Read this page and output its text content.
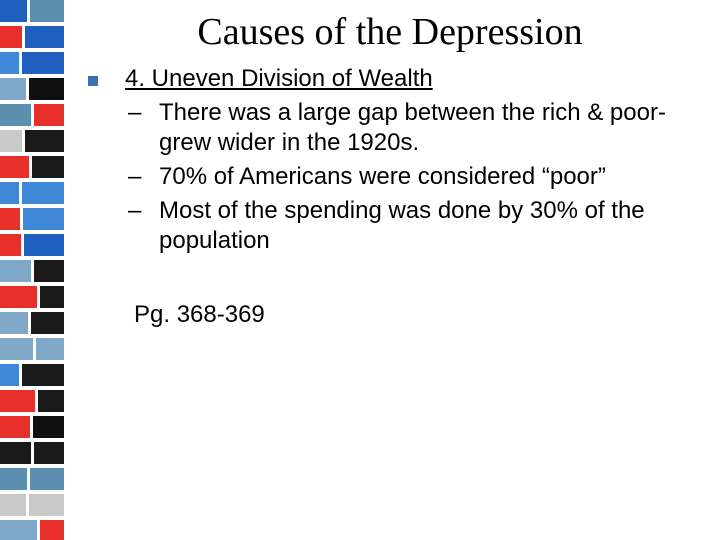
Causes of the Depression
4. Uneven Division of Wealth
– There was a large gap between the rich & poor-grew wider in the 1920s.
– 70% of Americans were considered “poor”
– Most of the spending was done by 30% of the population
Pg. 368-369
